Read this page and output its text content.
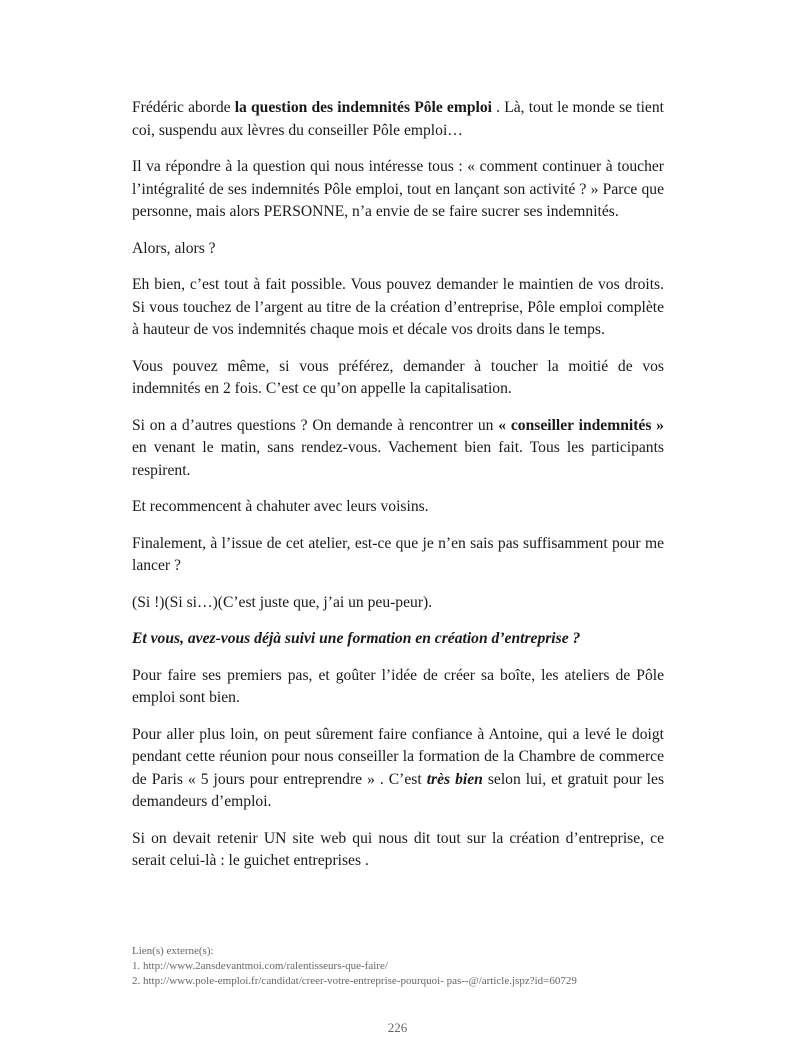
Frédéric aborde la question des indemnités Pôle emploi . Là, tout le monde se tient coi, suspendu aux lèvres du conseiller Pôle emploi…

Il va répondre à la question qui nous intéresse tous : « comment continuer à toucher l’intégralité de ses indemnités Pôle emploi, tout en lançant son activité ? » Parce que personne, mais alors PERSONNE, n’a envie de se faire sucrer ses indemnités.

Alors, alors ?

Eh bien, c’est tout à fait possible. Vous pouvez demander le maintien de vos droits. Si vous touchez de l’argent au titre de la création d’entreprise, Pôle emploi complète à hauteur de vos indemnités chaque mois et décale vos droits dans le temps.

Vous pouvez même, si vous préférez, demander à toucher la moitié de vos indemnités en 2 fois. C’est ce qu’on appelle la capitalisation.

Si on a d’autres questions ? On demande à rencontrer un « conseiller indemnités » en venant le matin, sans rendez-vous. Vachement bien fait. Tous les participants respirent.

Et recommencent à chahuter avec leurs voisins.

Finalement, à l’issue de cet atelier, est-ce que je n’en sais pas suffisamment pour me lancer ?

(Si !)(Si si…)(C’est juste que, j’ai un peu-peur).

Et vous, avez-vous déjà suivi une formation en création d’entreprise ?

Pour faire ses premiers pas, et goûter l’idée de créer sa boîte, les ateliers de Pôle emploi sont bien.

Pour aller plus loin, on peut sûrement faire confiance à Antoine, qui a levé le doigt pendant cette réunion pour nous conseiller la formation de la Chambre de commerce de Paris « 5 jours pour entreprendre » . C’est très bien selon lui, et gratuit pour les demandeurs d’emploi.

Si on devait retenir UN site web qui nous dit tout sur la création d’entreprise, ce serait celui-là : le guichet entreprises .

Lien(s) externe(s):
1. http://www.2ansdevantmoi.com/ralentisseurs-que-faire/
2. http://www.pole-emploi.fr/candidat/creer-votre-entreprise-pourquoi- pas--@/article.jspz?id=60729
226
